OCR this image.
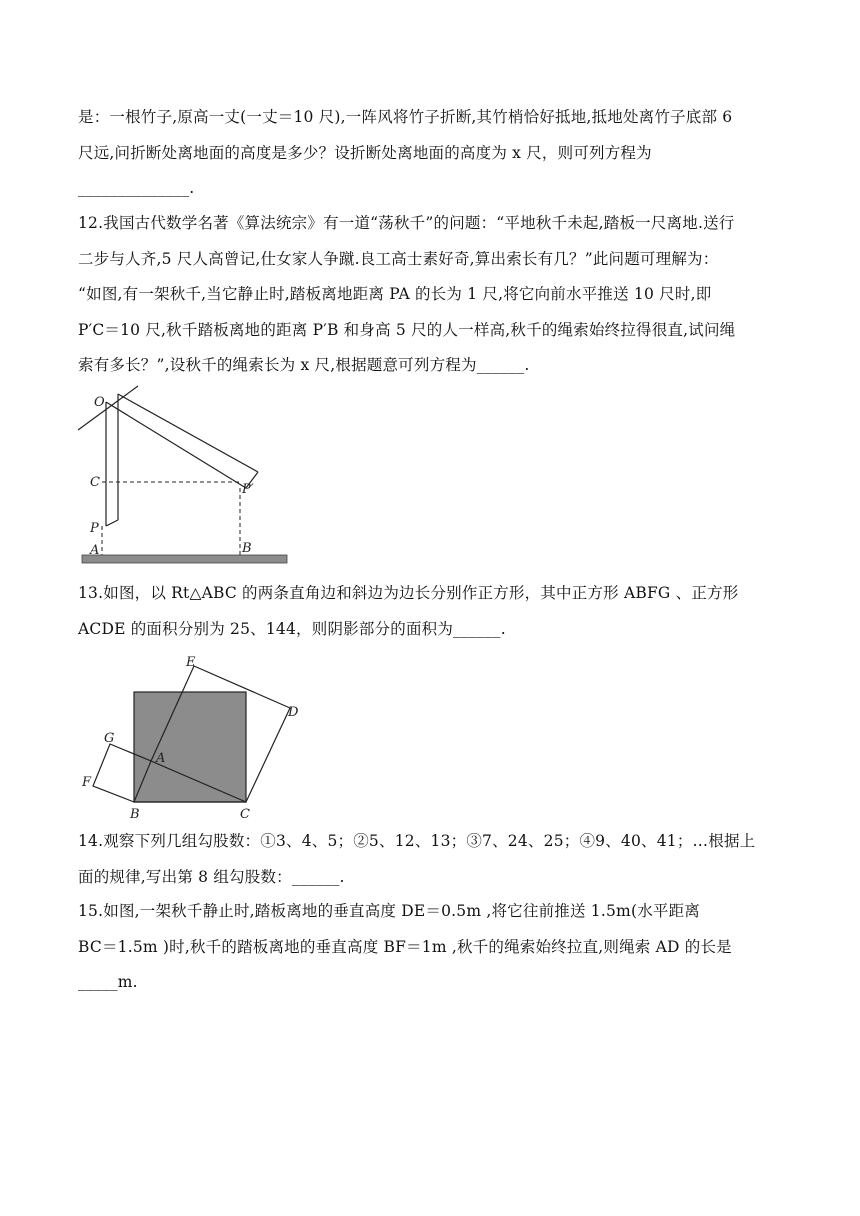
是：一根竹子,原高一丈(一丈＝10 尺),一阵风将竹子折断,其竹梢恰好抵地,抵地处离竹子底部 6

尺远,问折断处离地面的高度是多少？设折断处离地面的高度为 x 尺，则可列方程为

______________.

12.我国古代数学名著《算法统宗》有一道“荡秋千”的问题：“平地秋千未起,踏板一尺离地.送行

二步与人齐,5 尺人高曾记,仕女家人争蹴.良工高士素好奇,算出索长有几？”此问题可理解为：

“如图,有一架秋千,当它静止时,踏板离地距离 PA 的长为 1 尺,将它向前水平推送 10 尺时,即

P′C＝10 尺,秋千踏板离地的距离 P′B 和身高 5 尺的人一样高,秋千的绳索始终拉得很直,试问绳

索有多长？”,设秋千的绳索长为 x 尺,根据题意可列方程为______.

O
C
P
A
P′
B

13.如图，以 Rt△ABC 的两条直角边和斜边为边长分别作正方形，其中正方形 ABFG 、正方形

ACDE 的面积分别为 25、144，则阴影部分的面积为______.

E
D
G
A
F
B	C

14.观察下列几组勾股数：①3、4、5；②5、12、13；③7、24、25；④9、40、41；…根据上

面的规律,写出第 8 组勾股数：______.

15.如图,一架秋千静止时,踏板离地的垂直高度 DE＝0.5m ,将它往前推送 1.5m(水平距离

BC＝1.5m )时,秋千的踏板离地的垂直高度 BF＝1m ,秋千的绳索始终拉直,则绳索 AD 的长是

_____m.
